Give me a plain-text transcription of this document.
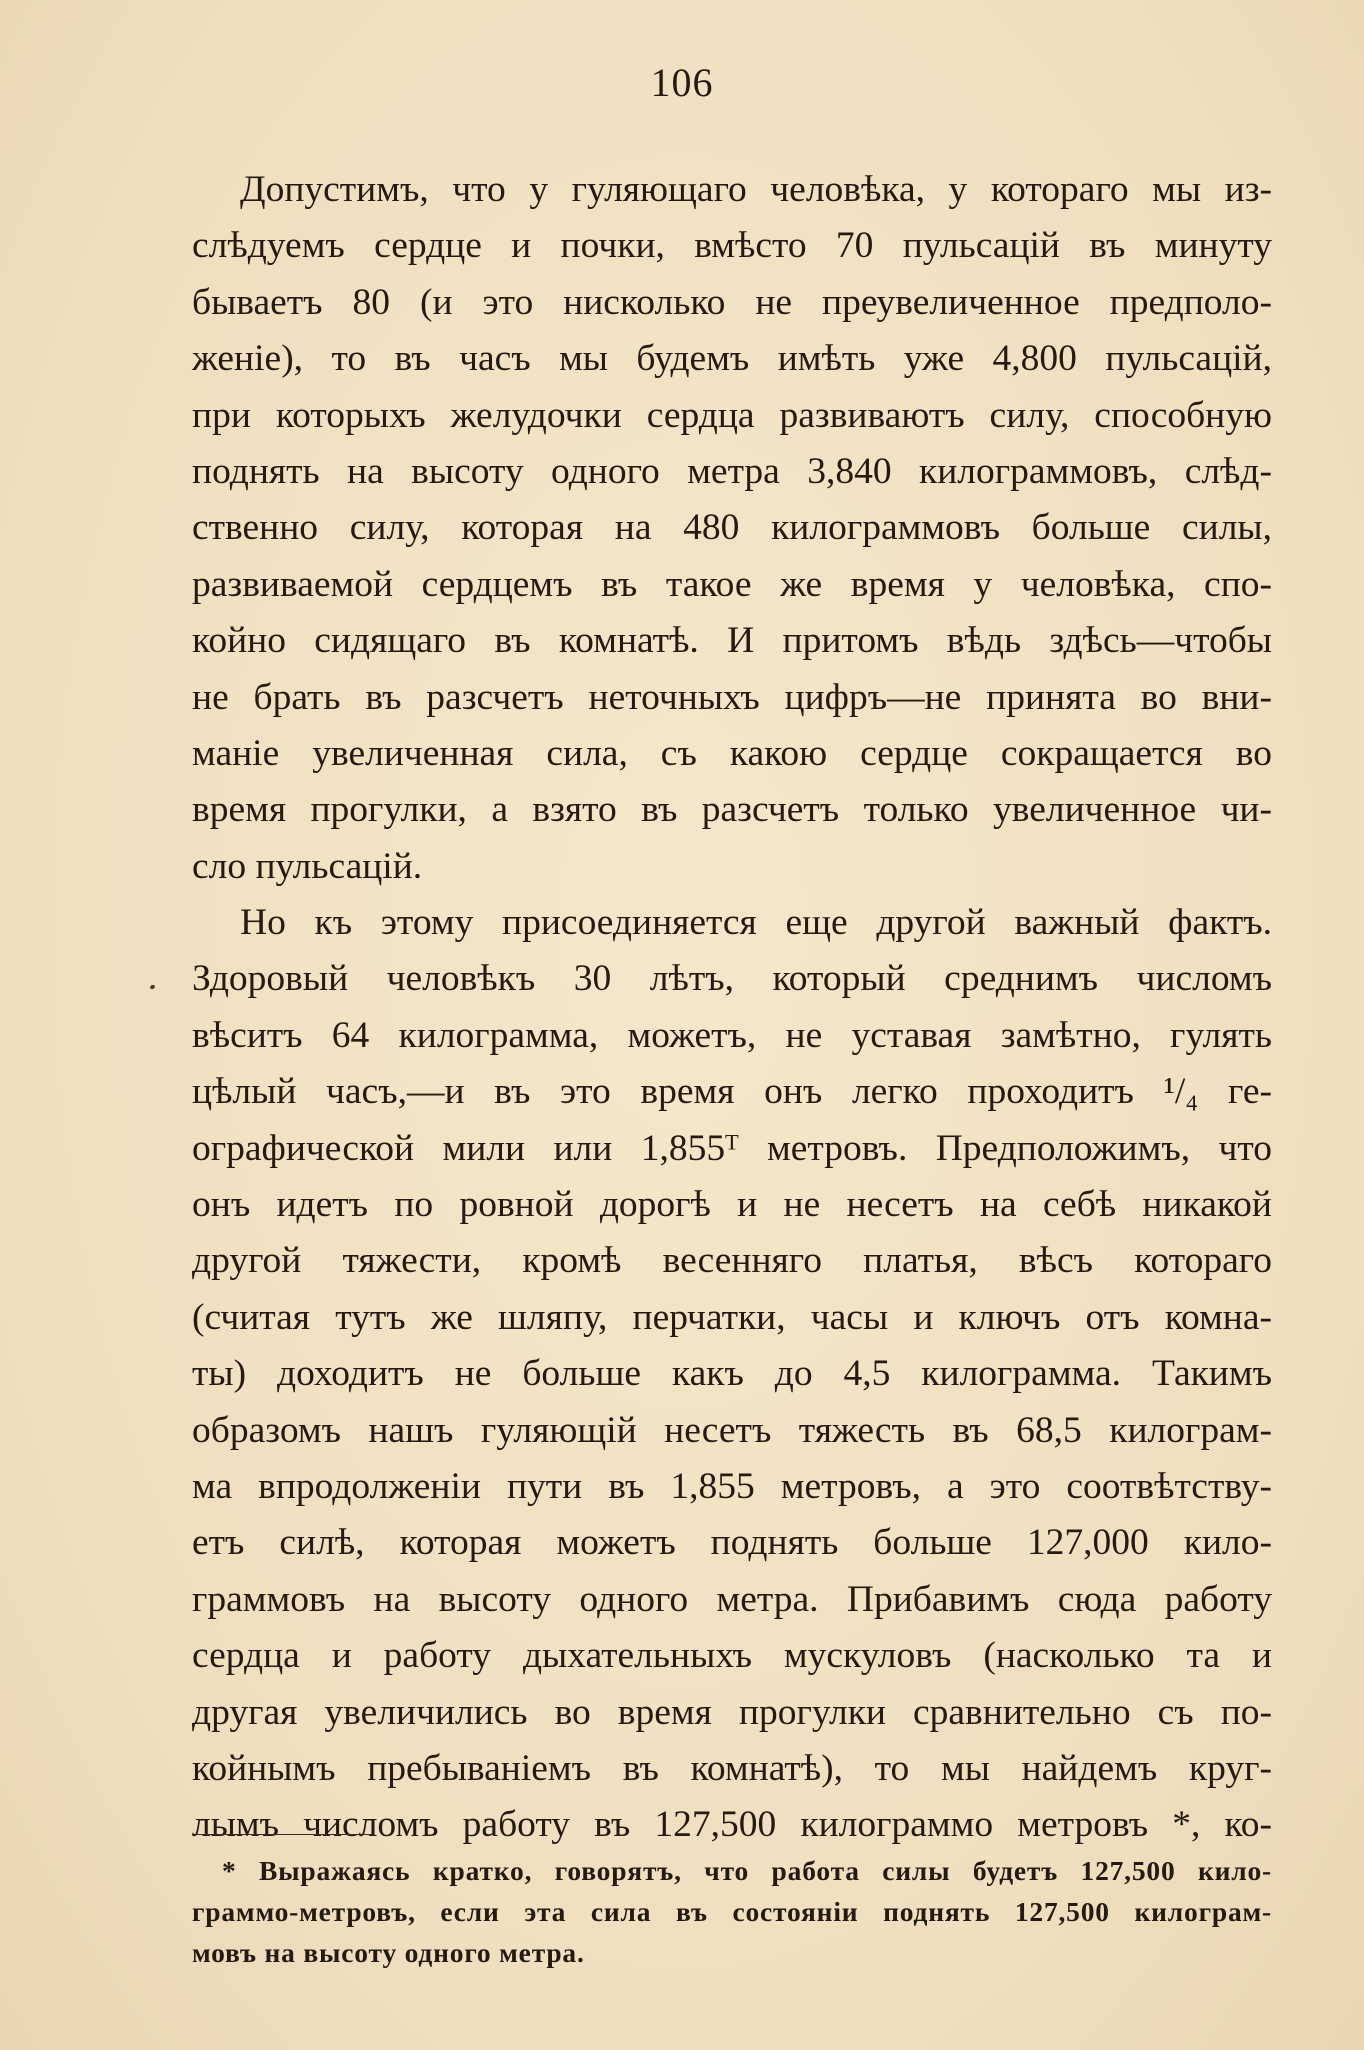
106
Допустимъ, что у гуляющаго человѣка, у котораго мы из-
слѣдуемъ сердце и почки, вмѣсто 70 пульсацій въ минуту
бываетъ 80 (и это нисколько не преувеличенное предполо-
женіе), то въ часъ мы будемъ имѣть уже 4,800 пульсацій,
при которыхъ желудочки сердца развиваютъ силу, способную
поднять на высоту одного метра 3,840 килограммовъ, слѣд-
ственно силу, которая на 480 килограммовъ больше силы,
развиваемой сердцемъ въ такое же время у человѣка, спо-
койно сидящаго въ комнатѣ. И притомъ вѣдь здѣсь—чтобы
не брать въ разсчетъ неточныхъ цифръ—не принята во вни-
маніе увеличенная сила, съ какою сердце сокращается во
время прогулки, а взято въ разсчетъ только увеличенное чи-
сло пульсацій.
Но къ этому присоединяется еще другой важный фактъ.
Здоровый человѣкъ 30 лѣтъ, который среднимъ числомъ
вѣситъ 64 килограмма, можетъ, не уставая замѣтно, гулять
цѣлый часъ,—и въ это время онъ легко проходитъ ¹/₄ ге-
ографической мили или 1,855ᵀ метровъ. Предположимъ, что
онъ идетъ по ровной дорогѣ и не несетъ на себѣ никакой
другой тяжести, кромѣ весенняго платья, вѣсъ котораго
(считая тутъ же шляпу, перчатки, часы и ключъ отъ комна-
ты) доходитъ не больше какъ до 4,5 килограмма. Такимъ
образомъ нашъ гуляющій несетъ тяжесть въ 68,5 килограм-
ма впродолженіи пути въ 1,855 метровъ, а это соотвѣтству-
етъ силѣ, которая можетъ поднять больше 127,000 кило-
граммовъ на высоту одного метра. Прибавимъ сюда работу
сердца и работу дыхательныхъ мускуловъ (насколько та и
другая увеличились во время прогулки сравнительно съ по-
койнымъ пребываніемъ въ комнатѣ), то мы найдемъ круг-
лымъ числомъ работу въ 127,500 килограммо метровъ *, ко-
* Выражаясь кратко, говорятъ, что работа силы будетъ 127,500 кило-
граммо-метровъ, если эта сила въ состояніи поднять 127,500 килограм-
мовъ на высоту одного метра.
